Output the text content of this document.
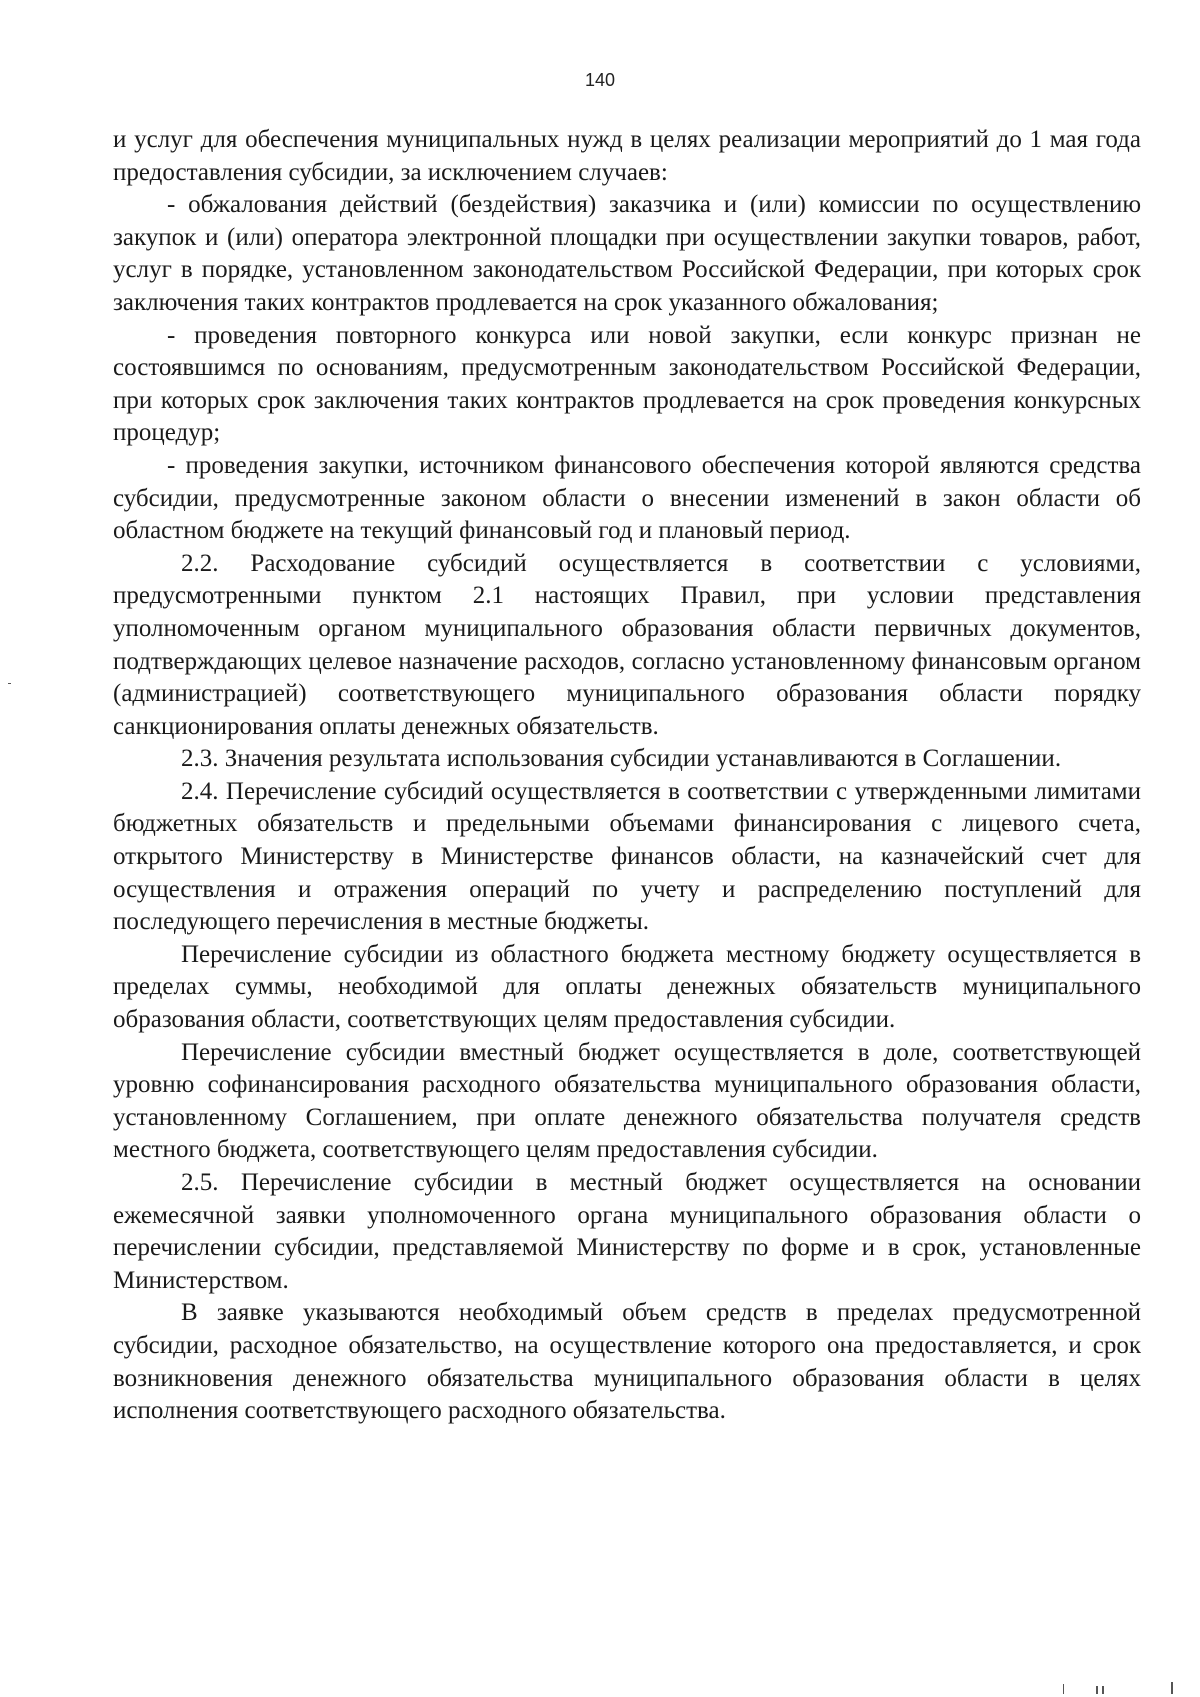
140

и услуг для обеспечения муниципальных нужд в целях реализации мероприятий до 1 мая года предоставления субсидии, за исключением случаев:

- обжалования действий (бездействия) заказчика и (или) комиссии по осуществлению закупок и (или) оператора электронной площадки при осуществлении закупки товаров, работ, услуг в порядке, установленном законодательством Российской Федерации, при которых срок заключения таких контрактов продлевается на срок указанного обжалования;

- проведения повторного конкурса или новой закупки, если конкурс признан не состоявшимся по основаниям, предусмотренным законодательством Российской Федерации, при которых срок заключения таких контрактов продлевается на срок проведения конкурсных процедур;

- проведения закупки, источником финансового обеспечения которой являются средства субсидии, предусмотренные законом области о внесении изменений в закон области об областном бюджете на текущий финансовый год и плановый период.

2.2. Расходование субсидий осуществляется в соответствии с условиями, предусмотренными пунктом 2.1 настоящих Правил, при условии представления уполномоченным органом муниципального образования области первичных документов, подтверждающих целевое назначение расходов, согласно установленному финансовым органом (администрацией) соответствующего муниципального образования области порядку санкционирования оплаты денежных обязательств.

2.3. Значения результата использования субсидии устанавливаются в Соглашении.

2.4. Перечисление субсидий осуществляется в соответствии с утвержденными лимитами бюджетных обязательств и предельными объемами финансирования с лицевого счета, открытого Министерству в Министерстве финансов области, на казначейский счет для осуществления и отражения операций по учету и распределению поступлений для последующего перечисления в местные бюджеты.

Перечисление субсидии из областного бюджета местному бюджету осуществляется в пределах суммы, необходимой для оплаты денежных обязательств муниципального образования области, соответствующих целям предоставления субсидии.

Перечисление субсидии вместный бюджет осуществляется в доле, соответствующей уровню софинансирования расходного обязательства муниципального образования области, установленному Соглашением, при оплате денежного обязательства получателя средств местного бюджета, соответствующего целям предоставления субсидии.

2.5. Перечисление субсидии в местный бюджет осуществляется на основании ежемесячной заявки уполномоченного органа муниципального образования области о перечислении субсидии, представляемой Министерству по форме и в срок, установленные Министерством.

В заявке указываются необходимый объем средств в пределах предусмотренной субсидии, расходное обязательство, на осуществление которого она предоставляется, и срок возникновения денежного обязательства муниципального образования области в целях исполнения соответствующего расходного обязательства.
